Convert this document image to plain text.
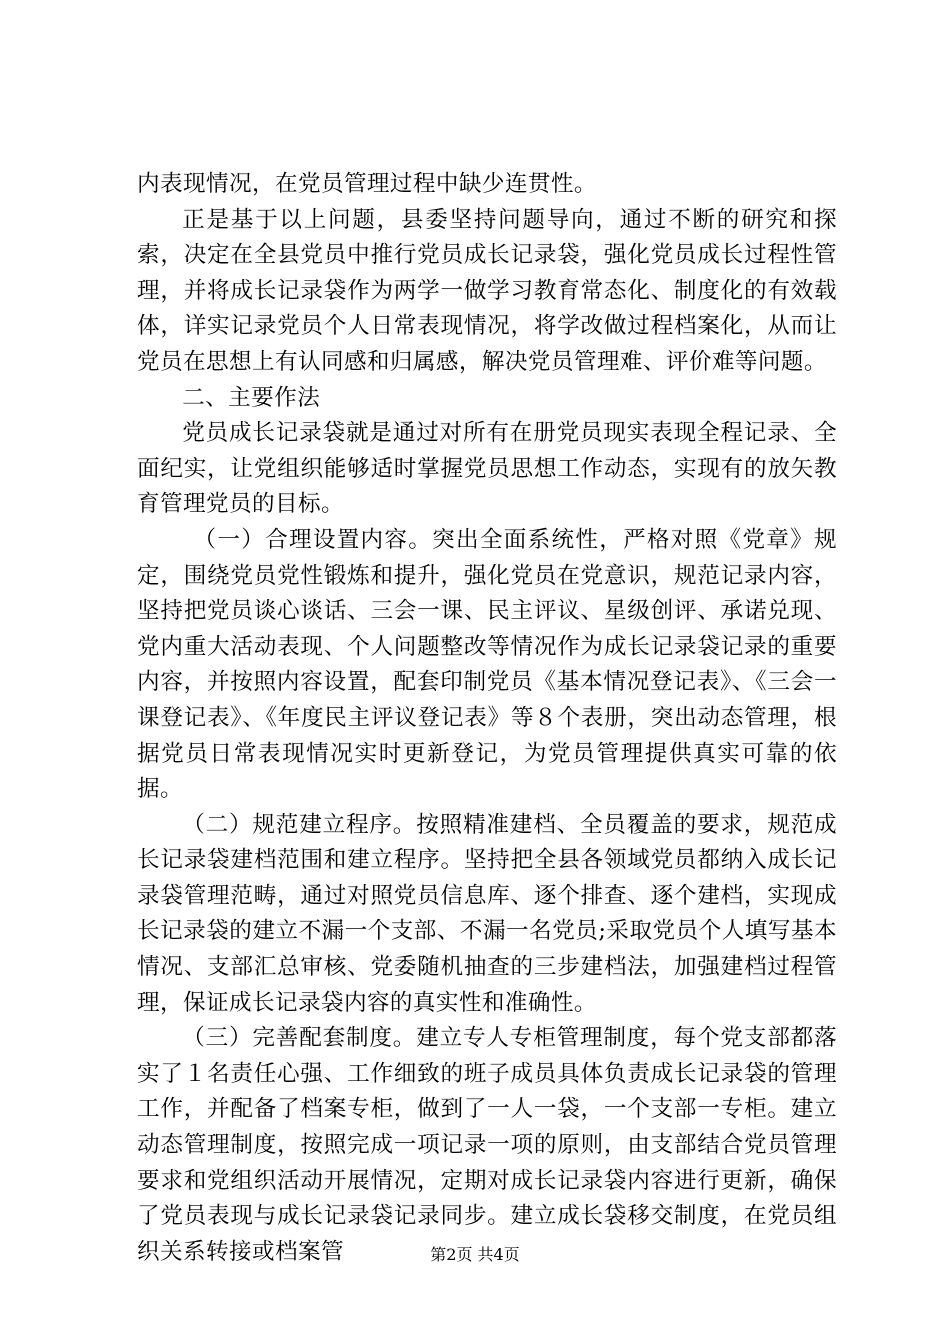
内表现情况，在党员管理过程中缺少连贯性。

正是基于以上问题，县委坚持问题导向，通过不断的研究和探索，决定在全县党员中推行党员成长记录袋，强化党员成长过程性管理，并将成长记录袋作为两学一做学习教育常态化、制度化的有效载体，详实记录党员个人日常表现情况，将学改做过程档案化，从而让党员在思想上有认同感和归属感，解决党员管理难、评价难等问题。

二、主要作法

党员成长记录袋就是通过对所有在册党员现实表现全程记录、全面纪实，让党组织能够适时掌握党员思想工作动态，实现有的放矢教育管理党员的目标。

（一）合理设置内容。突出全面系统性，严格对照《党章》规定，围绕党员党性锻炼和提升，强化党员在党意识，规范记录内容，坚持把党员谈心谈话、三会一课、民主评议、星级创评、承诺兑现、党内重大活动表现、个人问题整改等情况作为成长记录袋记录的重要内容，并按照内容设置，配套印制党员《基本情况登记表》、《三会一课登记表》、《年度民主评议登记表》等８个表册，突出动态管理，根据党员日常表现情况实时更新登记，为党员管理提供真实可靠的依据。

（二）规范建立程序。按照精准建档、全员覆盖的要求，规范成长记录袋建档范围和建立程序。坚持把全县各领域党员都纳入成长记录袋管理范畴，通过对照党员信息库、逐个排查、逐个建档，实现成长记录袋的建立不漏一个支部、不漏一名党员;采取党员个人填写基本情况、支部汇总审核、党委随机抽查的三步建档法，加强建档过程管理，保证成长记录袋内容的真实性和准确性。

（三）完善配套制度。建立专人专柜管理制度，每个党支部都落实了１名责任心强、工作细致的班子成员具体负责成长记录袋的管理工作，并配备了档案专柜，做到了一人一袋，一个支部一专柜。建立动态管理制度，按照完成一项记录一项的原则，由支部结合党员管理要求和党组织活动开展情况，定期对成长记录袋内容进行更新，确保了党员表现与成长记录袋记录同步。建立成长袋移交制度，在党员组织关系转接或档案管	第2页 共4页
